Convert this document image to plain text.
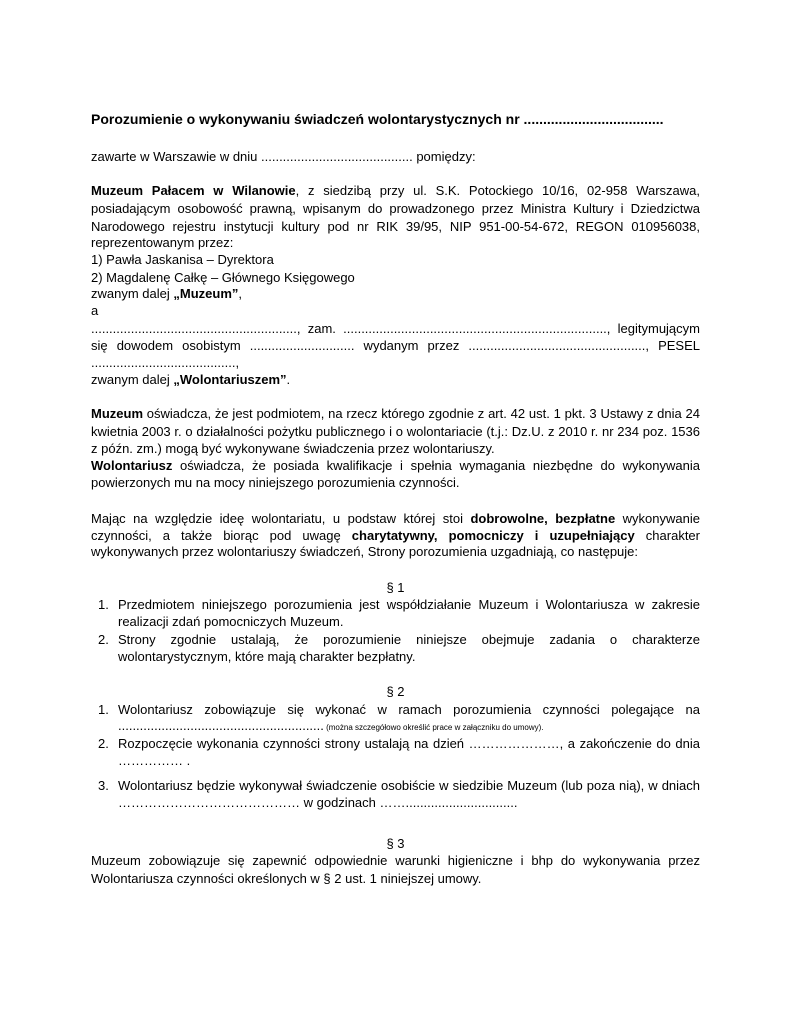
Porozumienie o wykonywaniu świadczeń wolontarystycznych nr ....................................
zawarte w Warszawie w dniu .......................................... pomiędzy:
Muzeum Pałacem w Wilanowie, z siedzibą przy ul. S.K. Potockiego 10/16, 02-958 Warszawa,
posiadającym osobowość prawną, wpisanym do prowadzonego przez Ministra Kultury i Dziedzictwa
Narodowego rejestru instytucji kultury pod nr RIK 39/95, NIP 951-00-54-672, REGON 010956038,
reprezentowanym przez:
1) Pawła Jaskanisa – Dyrektora
2) Magdalenę Całkę – Głównego Księgowego
zwanym dalej „Muzeum”,
a
........................................................., zam. ........................................................................., legitymującym
się dowodem osobistym ............................. wydanym przez ................................................., PESEL
........................................,
zwanym dalej „Wolontariuszem”.
Muzeum oświadcza, że jest podmiotem, na rzecz którego zgodnie z art. 42 ust. 1 pkt. 3 Ustawy z dnia 24
kwietnia 2003 r. o działalności pożytku publicznego i o wolontariacie (t.j.: Dz.U. z 2010 r. nr 234 poz. 1536
z późn. zm.) mogą być wykonywane świadczenia przez wolontariuszy.
Wolontariusz oświadcza, że posiada kwalifikacje i spełnia wymagania niezbędne do wykonywania
powierzonych mu na mocy niniejszego porozumienia czynności.
Mając na względzie ideę wolontariatu, u podstaw której stoi dobrowolne, bezpłatne wykonywanie
czynności, a także biorąc pod uwagę charytatywny, pomocniczy i uzupełniający charakter
wykonywanych przez wolontariuszy świadczeń, Strony porozumienia uzgadniają, co następuje:
§ 1
1. Przedmiotem niniejszego porozumienia jest współdziałanie Muzeum i Wolontariusza w zakresie
realizacji zdań pomocniczych Muzeum.
2. Strony zgodnie ustalają, że porozumienie niniejsze obejmuje zadania o charakterze
wolontarystycznym, które mają charakter bezpłatny.
§ 2
1. Wolontariusz zobowiązuje się wykonać w ramach porozumienia czynności polegające na
......................................................... (można szczegółowo określić prace w załączniku do umowy).
2. Rozpoczęcie wykonania czynności strony ustalają na dzień …………………, a zakończenie do dnia
…………… .
3. Wolontariusz będzie wykonywał świadczenie osobiście w siedzibie Muzeum (lub poza nią), w dniach
…………………………………… w godzinach ……...............................
§ 3
Muzeum zobowiązuje się zapewnić odpowiednie warunki higieniczne i bhp do wykonywania przez
Wolontariusza czynności określonych w § 2 ust. 1 niniejszej umowy.
